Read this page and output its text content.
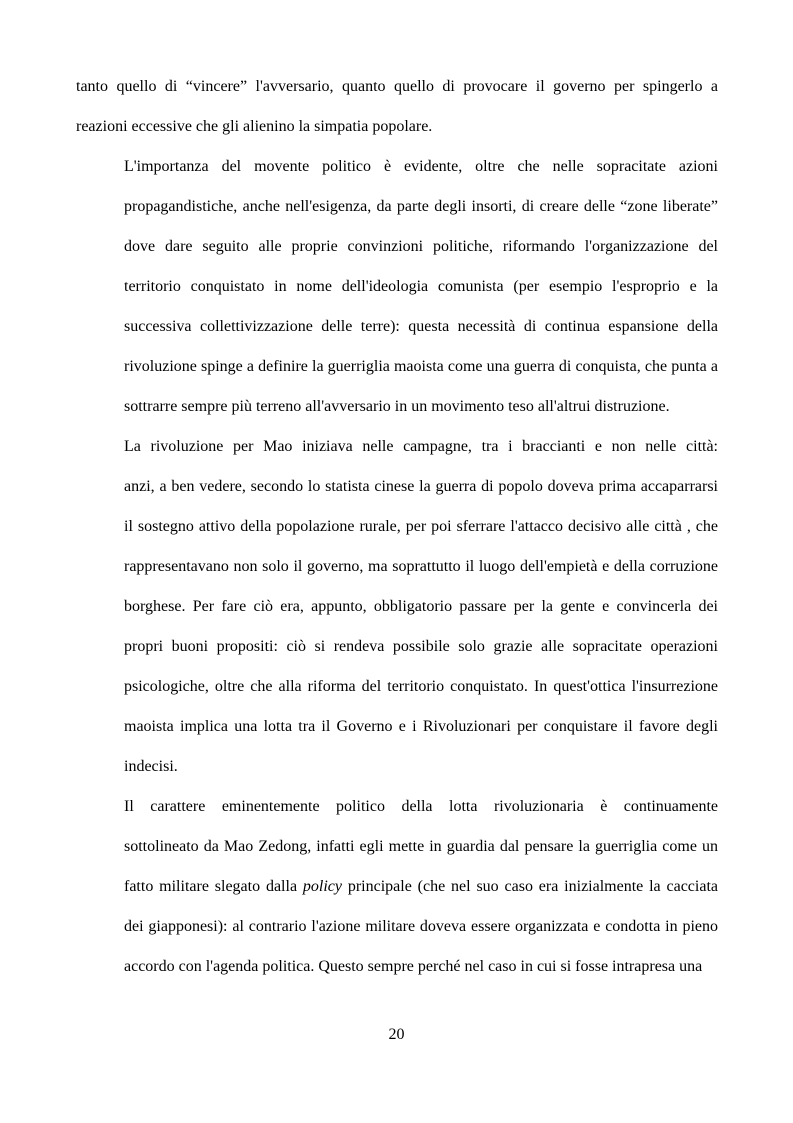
tanto quello di “vincere” l'avversario, quanto quello di provocare il governo per spingerlo a
reazioni eccessive che gli alienino la simpatia popolare.
L'importanza del movente politico è evidente, oltre che nelle sopracitate azioni
propagandistiche, anche nell'esigenza, da parte degli insorti, di creare delle “zone liberate”
dove dare seguito alle proprie convinzioni politiche, riformando l'organizzazione del
territorio conquistato in nome dell'ideologia comunista (per esempio l'esproprio e la
successiva collettivizzazione delle terre): questa necessità di continua espansione della
rivoluzione spinge a definire la guerriglia maoista come una guerra di conquista, che punta a
sottrarre sempre più terreno all'avversario in un movimento teso all'altrui distruzione.
La rivoluzione per Mao iniziava nelle campagne, tra i braccianti e non nelle città:
anzi, a ben vedere, secondo lo statista cinese la guerra di popolo doveva prima accaparrarsi
il sostegno attivo della popolazione rurale, per poi sferrare l'attacco decisivo alle città , che
rappresentavano non solo il governo, ma soprattutto il luogo dell'empietà e della corruzione
borghese. Per fare ciò era, appunto, obbligatorio passare per la gente e convincerla dei
propri buoni propositi: ciò si rendeva possibile solo grazie alle sopracitate operazioni
psicologiche, oltre che alla riforma del territorio conquistato. In quest'ottica l'insurrezione
maoista implica una lotta tra il Governo e i Rivoluzionari per conquistare il favore degli
indecisi.
Il carattere eminentemente politico della lotta rivoluzionaria è continuamente
sottolineato da Mao Zedong, infatti egli mette in guardia dal pensare la guerriglia come un
fatto militare slegato dalla policy principale (che nel suo caso era inizialmente la cacciata
dei giapponesi): al contrario l'azione militare doveva essere organizzata e condotta in pieno
accordo con l'agenda politica. Questo sempre perché nel caso in cui si fosse intrapresa una
20
